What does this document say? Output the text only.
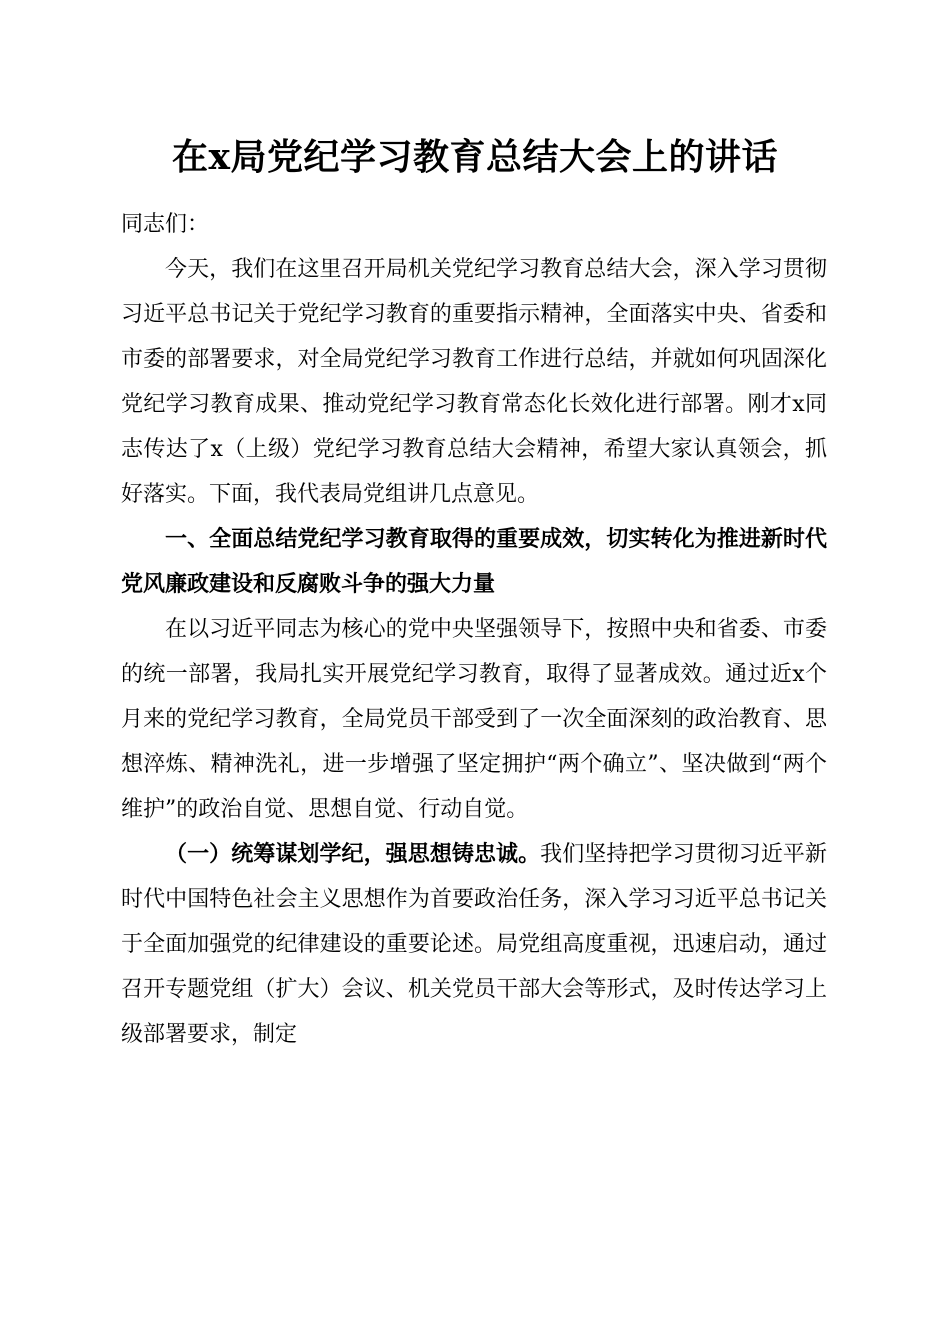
在x局党纪学习教育总结大会上的讲话

同志们：

今天，我们在这里召开局机关党纪学习教育总结大会，深入学习贯彻习近平总书记关于党纪学习教育的重要指示精神，全面落实中央、省委和市委的部署要求，对全局党纪学习教育工作进行总结，并就如何巩固深化党纪学习教育成果、推动党纪学习教育常态化长效化进行部署。刚才x同志传达了x（上级）党纪学习教育总结大会精神，希望大家认真领会，抓好落实。下面，我代表局党组讲几点意见。

一、全面总结党纪学习教育取得的重要成效，切实转化为推进新时代党风廉政建设和反腐败斗争的强大力量

在以习近平同志为核心的党中央坚强领导下，按照中央和省委、市委的统一部署，我局扎实开展党纪学习教育，取得了显著成效。通过近x个月来的党纪学习教育，全局党员干部受到了一次全面深刻的政治教育、思想淬炼、精神洗礼，进一步增强了坚定拥护“两个确立”、坚决做到“两个维护”的政治自觉、思想自觉、行动自觉。

（一）统筹谋划学纪，强思想铸忠诚。我们坚持把学习贯彻习近平新时代中国特色社会主义思想作为首要政治任务，深入学习习近平总书记关于全面加强党的纪律建设的重要论述。局党组高度重视，迅速启动，通过召开专题党组（扩大）会议、机关党员干部大会等形式，及时传达学习上级部署要求，制定
